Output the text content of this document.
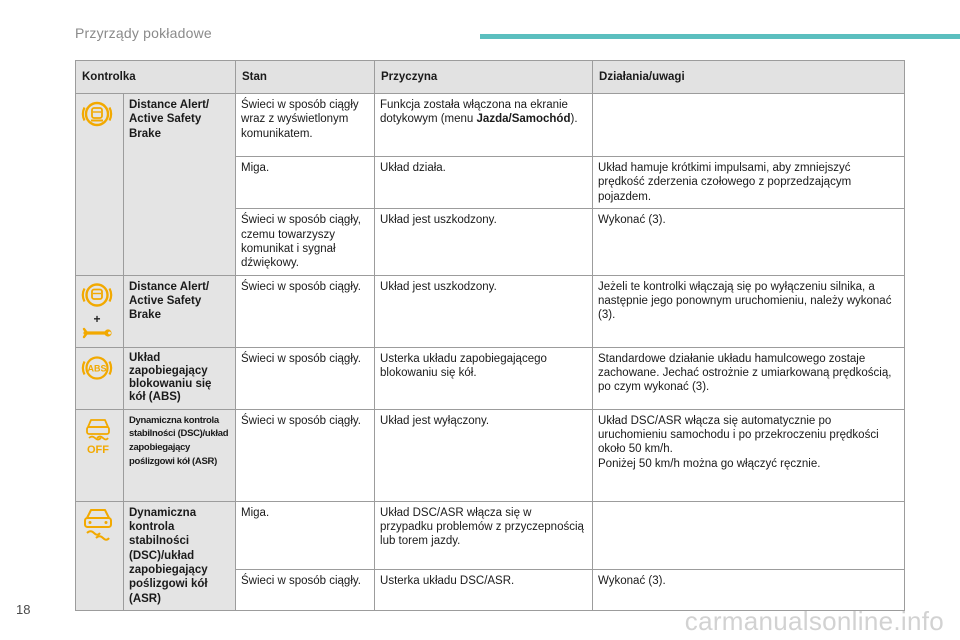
Przyrządy pokładowe
Kontrolka		Stan	Przyczyna	Działania/uwagi
	Distance Alert/ Active Safety Brake	Świeci w sposób ciągły wraz z wyświetlonym komunikatem.	Funkcja została włączona na ekranie dotykowym (menu Jazda/Samochód).	
		Miga.	Układ działa.	Układ hamuje krótkimi impulsami, aby zmniejszyć prędkość zderzenia czołowego z poprzedzającym pojazdem.
		Świeci w sposób ciągły, czemu towarzyszy komunikat i sygnał dźwiękowy.	Układ jest uszkodzony.	Wykonać (3).

+	Distance Alert/ Active Safety Brake	Świeci w sposób ciągły.	Układ jest uszkodzony.	Jeżeli te kontrolki włączają się po wyłączeniu silnika, a następnie jego ponownym uruchomieniu, należy wykonać (3).

ABS	Układ zapobiegający blokowaniu się kół (ABS)	Świeci w sposób ciągły.	Usterka układu zapobiegającego blokowaniu się kół.	Standardowe działanie układu hamulcowego zostaje zachowane. Jechać ostrożnie z umiarkowaną prędkością, po czym wykonać (3).

OFF	Dynamiczna kontrola stabilności (DSC)/układ zapobiegający poślizgowi kół (ASR)	Świeci w sposób ciągły.	Układ jest wyłączony.	Układ DSC/ASR włącza się automatycznie po uruchomieniu samochodu i po przekroczeniu prędkości około 50 km/h.
Poniżej 50 km/h można go włączyć ręcznie.
	Dynamiczna kontrola stabilności (DSC)/układ zapobiegający poślizgowi kół (ASR)	Miga.	Układ DSC/ASR włącza się w przypadku problemów z przyczepnością lub torem jazdy.	
		Świeci w sposób ciągły.	Usterka układu DSC/ASR.	Wykonać (3).
18	carmanualsonline.info
